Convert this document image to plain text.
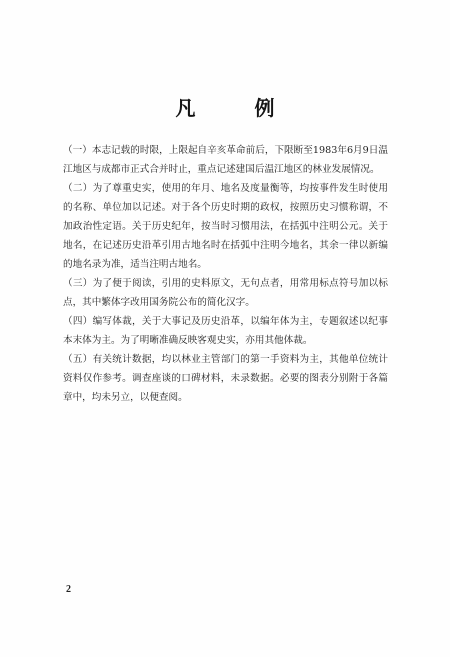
凡 例

（一）本志记载的时限，上限起自辛亥革命前后，下限断至1983年6月9日温江地区与成都市正式合并时止，重点记述建国后温江地区的林业发展情况。

（二）为了尊重史实，使用的年月、地名及度量衡等，均按事件发生时使用的名称、单位加以记述。对于各个历史时期的政权，按照历史习惯称谓，不加政治性定语。关于历史纪年，按当时习惯用法，在括弧中注明公元。关于地名，在记述历史沿革引用古地名时在括弧中注明今地名，其余一律以新编的地名录为准，适当注明古地名。

（三）为了便于阅读，引用的史料原文，无句点者，用常用标点符号加以标点，其中繁体字改用国务院公布的简化汉字。

（四）编写体裁，关于大事记及历史沿革，以编年体为主，专题叙述以纪事本末体为主。为了明晰准确反映客观史实，亦用其他体裁。

（五）有关统计数据，均以林业主管部门的第一手资料为主，其他单位统计资料仅作参考。调查座谈的口碑材料，未录数据。必要的图表分别附于各篇章中，均未另立，以便查阅。

2
